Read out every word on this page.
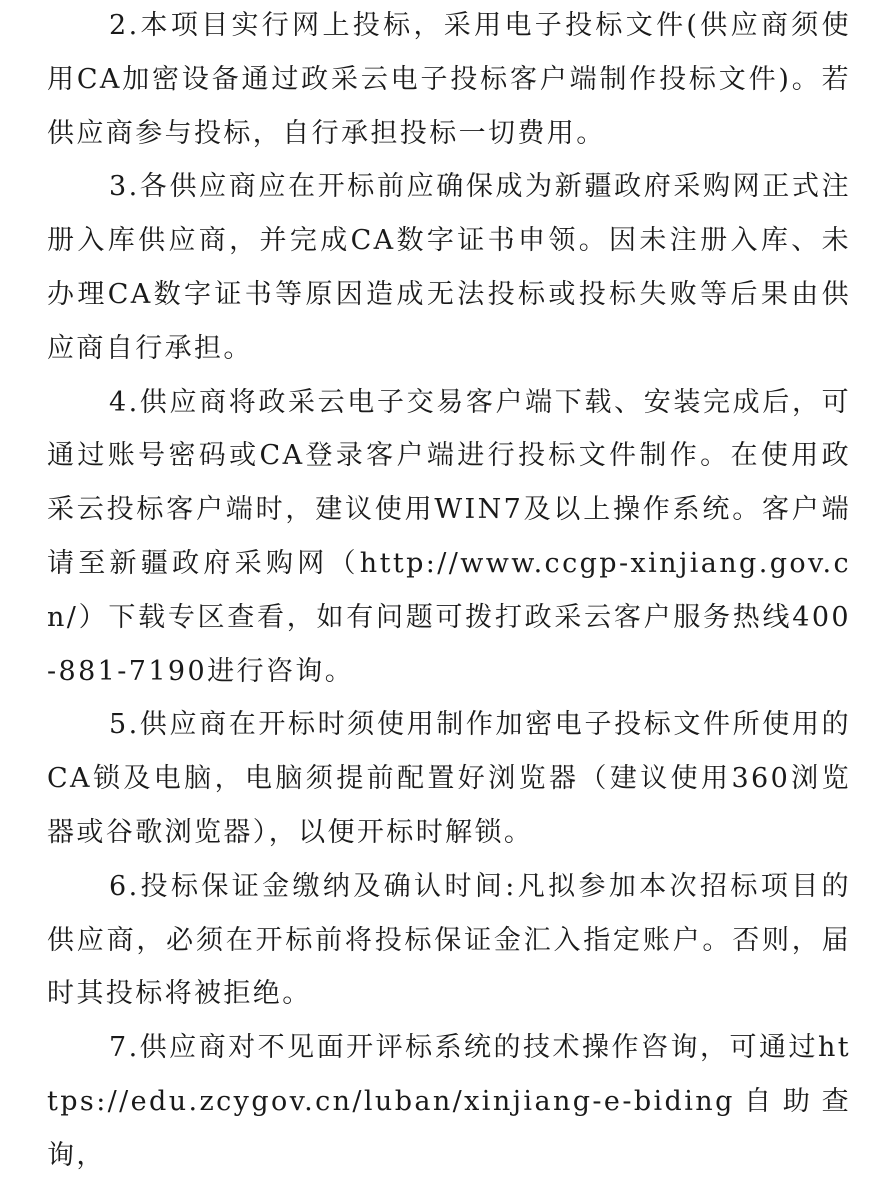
2.本项目实行网上投标，采用电子投标文件(供应商须使用CA加密设备通过政采云电子投标客户端制作投标文件)。若供应商参与投标，自行承担投标一切费用。

3.各供应商应在开标前应确保成为新疆政府采购网正式注册入库供应商，并完成CA数字证书申领。因未注册入库、未办理CA数字证书等原因造成无法投标或投标失败等后果由供应商自行承担。

4.供应商将政采云电子交易客户端下载、安装完成后，可通过账号密码或CA登录客户端进行投标文件制作。在使用政采云投标客户端时，建议使用WIN7及以上操作系统。客户端请至新疆政府采购网（http://www.ccgp-xinjiang.gov.cn/）下载专区查看，如有问题可拨打政采云客户服务热线400-881-7190进行咨询。

5.供应商在开标时须使用制作加密电子投标文件所使用的CA锁及电脑，电脑须提前配置好浏览器（建议使用360浏览器或谷歌浏览器），以便开标时解锁。

6.投标保证金缴纳及确认时间:凡拟参加本次招标项目的供应商，必须在开标前将投标保证金汇入指定账户。否则，届时其投标将被拒绝。

7.供应商对不见面开评标系统的技术操作咨询，可通过https://edu.zcygov.cn/luban/xinjiang-e-biding自助查询，
